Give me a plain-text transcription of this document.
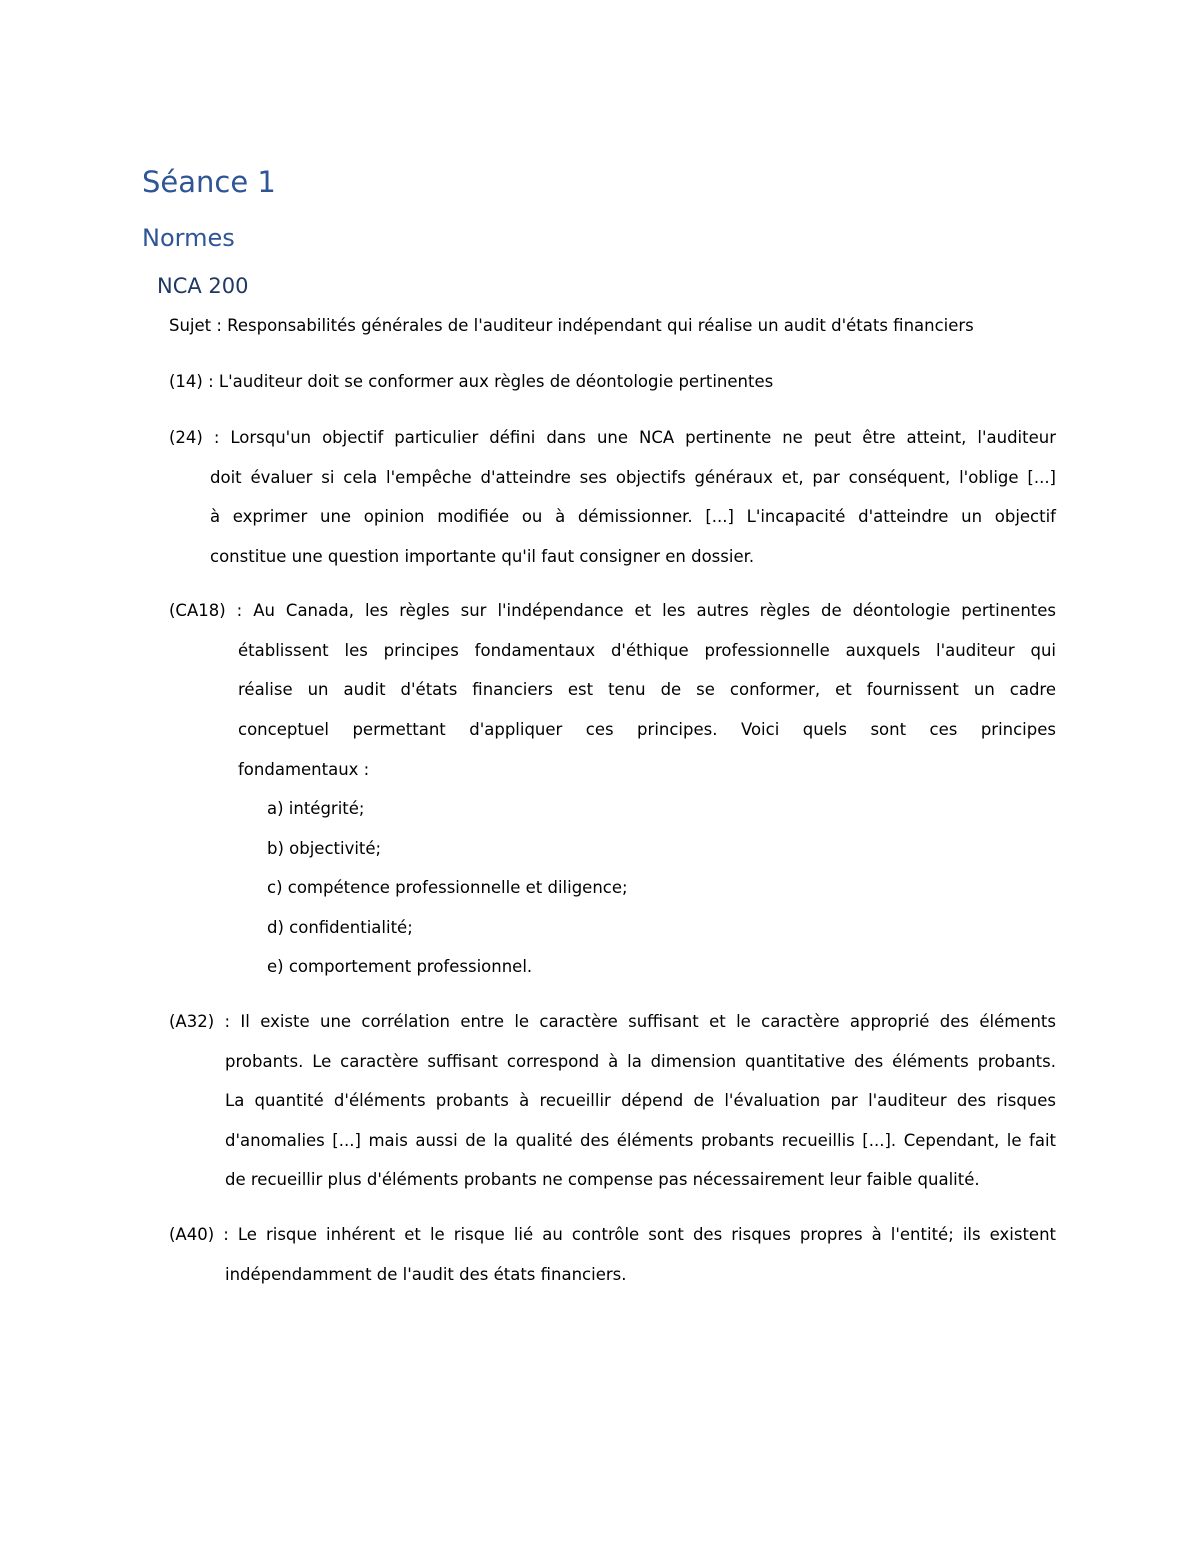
Séance 1
Normes
NCA 200
Sujet : Responsabilités générales de l'auditeur indépendant qui réalise un audit d'états financiers
(14) : L'auditeur doit se conformer aux règles de déontologie pertinentes
(24) : Lorsqu'un objectif particulier défini dans une NCA pertinente ne peut être atteint, l'auditeur
doit évaluer si cela l'empêche d'atteindre ses objectifs généraux et, par conséquent, l'oblige [...]
à exprimer une opinion modifiée ou à démissionner. [...] L'incapacité d'atteindre un objectif
constitue une question importante qu'il faut consigner en dossier.
(CA18) : Au Canada, les règles sur l'indépendance et les autres règles de déontologie pertinentes
établissent les principes fondamentaux d'éthique professionnelle auxquels l'auditeur qui
réalise un audit d'états financiers est tenu de se conformer, et fournissent un cadre
conceptuel permettant d'appliquer ces principes. Voici quels sont ces principes
fondamentaux :
a) intégrité;
b) objectivité;
c) compétence professionnelle et diligence;
d) confidentialité;
e) comportement professionnel.
(A32) : Il existe une corrélation entre le caractère suffisant et le caractère approprié des éléments
probants. Le caractère suffisant correspond à la dimension quantitative des éléments probants.
La quantité d'éléments probants à recueillir dépend de l'évaluation par l'auditeur des risques
d'anomalies [...] mais aussi de la qualité des éléments probants recueillis [...]. Cependant, le fait
de recueillir plus d'éléments probants ne compense pas nécessairement leur faible qualité.
(A40) : Le risque inhérent et le risque lié au contrôle sont des risques propres à l'entité; ils existent
indépendamment de l'audit des états financiers.
